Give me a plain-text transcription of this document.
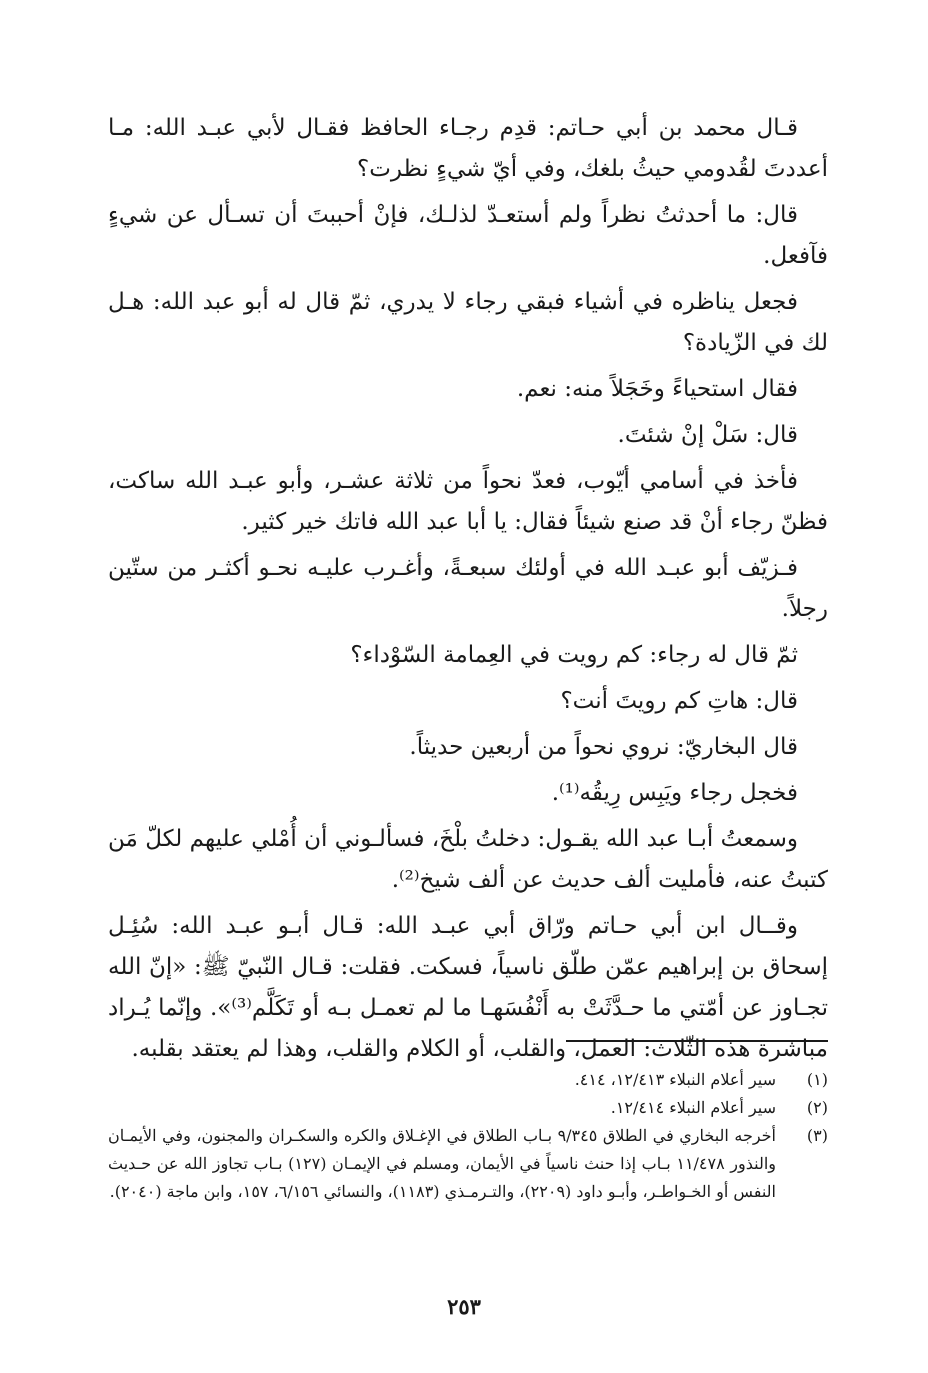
قـال محمد بن أبي حـاتم: قدِم رجـاء الحافظ فقـال لأبي عبـد الله: مـا أعددتَ لقُدومي حيثُ بلغك، وفي أيّ شيءٍ نظرت؟

قال: ما أحدثتُ نظراً ولم أستعـدّ لذلـك، فإنْ أحببتَ أن تسـأل عن شيءٍ فآفعل.

فجعل يناظره في أشياء فبقي رجاء لا يدري، ثمّ قال له أبو عبد الله: هـل لك في الزّيادة؟

فقال استحياءً وخَجَلاً منه: نعم.

قال: سَلْ إنْ شئتَ.

فأخذ في أسامي أيّوب، فعدّ نحواً من ثلاثة عشـر، وأبو عبـد الله ساكت، فظنّ رجاء أنْ قد صنع شيئاً فقال: يا أبا عبد الله فاتك خير كثير.

فـزيّف أبو عبـد الله في أولئك سبعـةً، وأغـرب عليـه نحـو أكثـر من ستّين رجلاً.

ثمّ قال له رجاء: كم رويت في العِمامة السّوْداء؟

قال: هاتِ كم رويتَ أنت؟

قال البخاريّ: نروي نحواً من أربعين حديثاً.

فخجل رجاء ويَبِس رِيقُه⁽¹⁾.

وسمعتُ أبـا عبد الله يقـول: دخلتُ بلْخَ، فسألـوني أن أُمْلي عليهم لكلّ مَن كتبتُ عنه، فأمليت ألف حديث عن ألف شيخ⁽²⁾.

وقــال ابن أبي حـاتم ورّاق أبي عبـد الله: قـال أبـو عبـد الله: سُئِـل إسحاق بن إبراهيم عمّن طلّق ناسياً، فسكت. فقلت: قـال النّبيّ ﷺ: «إنّ الله تجـاوز عن أمّتي ما حـدَّثَتْ به أَنْفُسَهـا ما لم تعمـل بـه أو تَكَلَّم⁽³⁾». وإنّما يُـراد مباشرة هذه الثّلاث: العمل، والقلب، أو الكلام والقلب، وهذا لم يعتقد بقلبه.

(١)
سير أعلام النبلاء ١٢/٤١٣، ٤١٤.
(٢)
سير أعلام النبلاء ١٢/٤١٤.
(٣)
أخرجه البخاري في الطلاق ٩/٣٤٥ بـاب الطلاق في الإغـلاق والكره والسكـران والمجنون، وفي الأيمـان والنذور ١١/٤٧٨ بـاب إذا حنث ناسياً في الأيمان، ومسلم في الإيمـان (١٢٧) بـاب تجاوز الله عن حـديث النفس أو الخـواطـر، وأبـو داود (٢٢٠٩)، والتـرمـذي (١١٨٣)، والنسائي ٦/١٥٦، ١٥٧، وابن ماجة (٢٠٤٠).
٢٥٣
